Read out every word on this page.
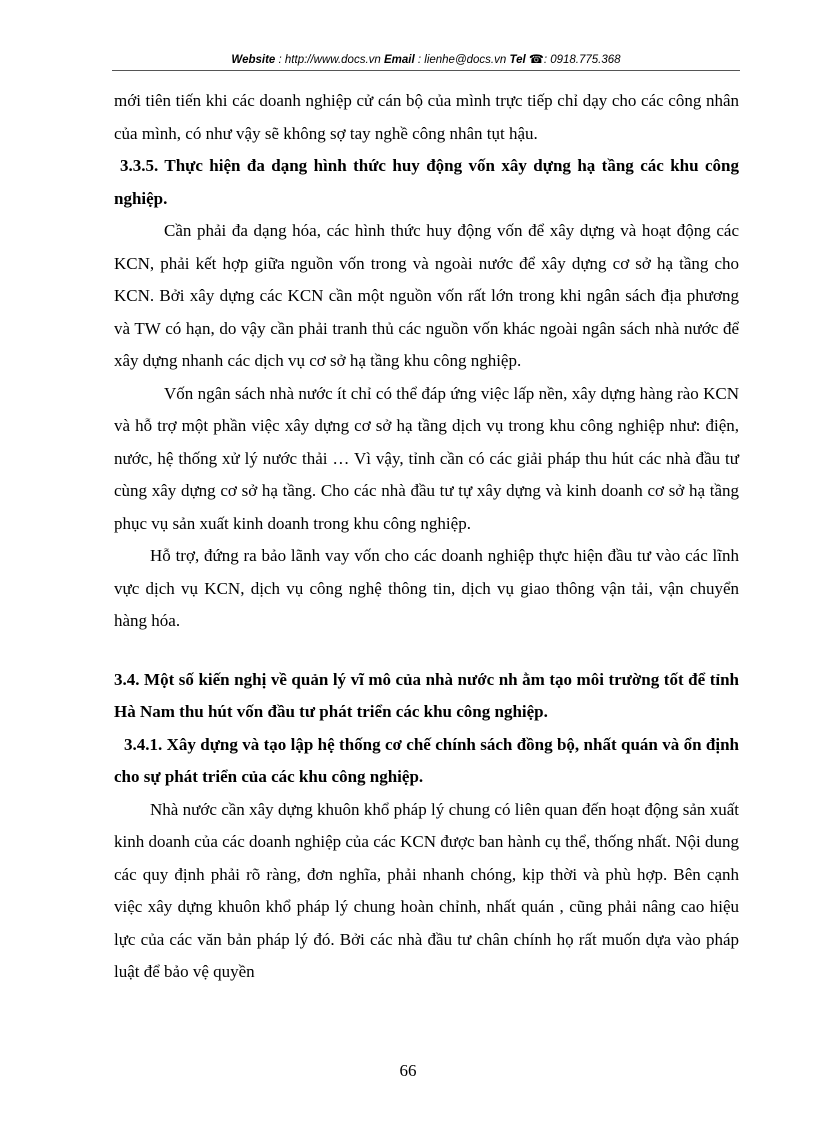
Website : http://www.docs.vn Email : lienhe@docs.vn Tel ☎: 0918.775.368

mới tiên tiến khi các doanh nghiệp cử cán bộ của mình trực tiếp chỉ dạy cho các công nhân của mình, có như vậy sẽ không sợ tay nghề công nhân tụt hậu.

3.3.5. Thực hiện đa dạng hình thức huy động vốn xây dựng hạ tầng các khu công nghiệp.

Cần phải đa dạng hóa, các hình thức huy động vốn để xây dựng và hoạt động các KCN, phải kết hợp giữa nguồn vốn trong và ngoài nước để xây dựng cơ sở hạ tầng cho KCN. Bởi xây dựng các KCN cần một nguồn vốn rất lớn trong khi ngân sách địa phương và TW có hạn, do vậy cần phải tranh thủ các nguồn vốn khác ngoài ngân sách nhà nước để xây dựng nhanh các dịch vụ cơ sở hạ tầng khu công nghiệp.

Vốn ngân sách nhà nước ít chỉ có thể đáp ứng việc lấp nền, xây dựng hàng rào KCN và hỗ trợ một phần việc xây dựng cơ sở hạ tầng dịch vụ trong khu công nghiệp như: điện, nước, hệ thống xử lý nước thải … Vì vậy, tỉnh cần có các giải pháp thu hút các nhà đầu tư cùng xây dựng cơ sở hạ tầng. Cho các nhà đầu tư tự xây dựng và kinh doanh cơ sở hạ tầng phục vụ sản xuất kinh doanh trong khu công nghiệp.

Hỗ trợ, đứng ra bảo lãnh vay vốn cho các doanh nghiệp thực hiện đầu tư vào các lĩnh vực dịch vụ KCN, dịch vụ công nghệ thông tin, dịch vụ giao thông vận tải, vận chuyển hàng hóa.

3.4. Một số kiến nghị về quản lý vĩ mô của nhà nước nh ằm tạo môi trường tốt để tỉnh Hà Nam thu hút vốn đầu tư phát triển các khu công nghiệp.

3.4.1. Xây dựng và tạo lập hệ thống cơ chế chính sách đồng bộ, nhất quán và ổn định cho sự phát triển của các khu công nghiệp.

Nhà nước cần xây dựng khuôn khổ pháp lý chung có liên quan đến hoạt động sản xuất kinh doanh của các doanh nghiệp của các KCN được ban hành cụ thể, thống nhất. Nội dung các quy định phải rõ ràng, đơn nghĩa, phải nhanh chóng, kịp thời và phù hợp. Bên cạnh việc xây dựng khuôn khổ pháp lý chung hoàn chỉnh, nhất quán , cũng phải nâng cao hiệu lực của các văn bản pháp lý đó. Bởi các nhà đầu tư chân chính họ rất muốn dựa vào pháp luật để bảo vệ quyền

66
